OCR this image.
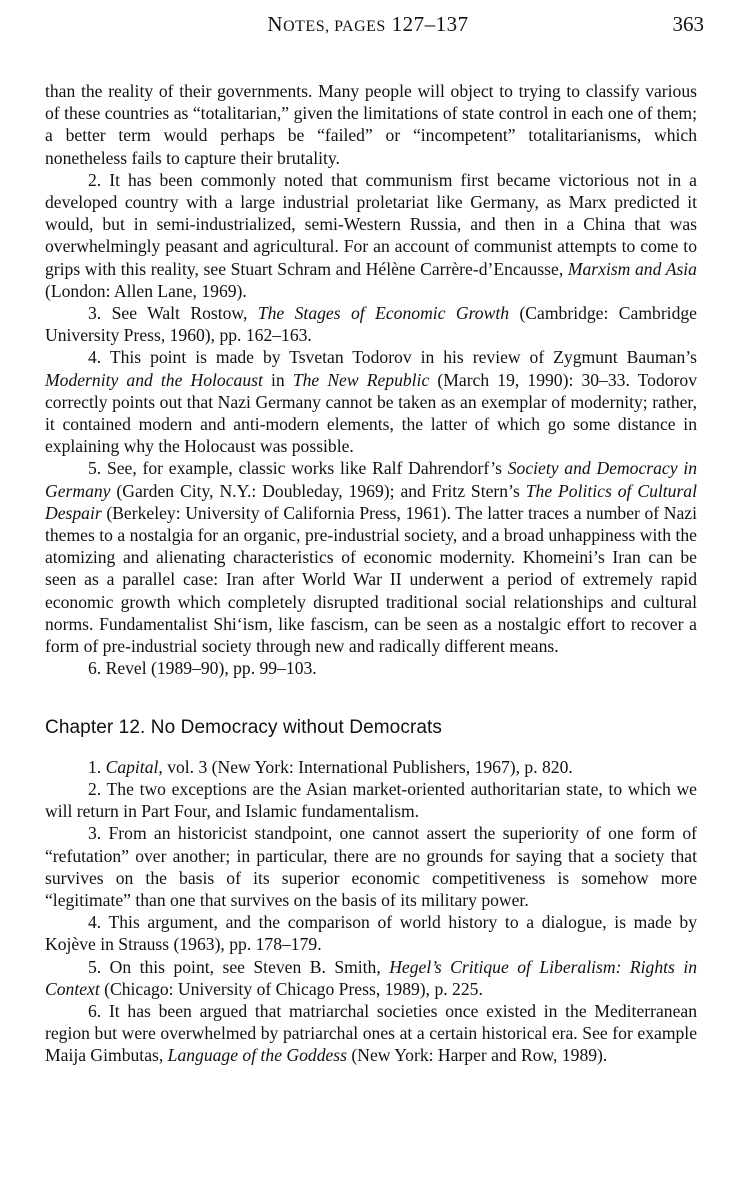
NOTES, PAGES 127–137	363

than the reality of their governments. Many people will object to trying to classify various of these countries as “totalitarian,” given the limitations of state control in each one of them; a better term would perhaps be “failed” or “incompetent” totalitarianisms, which nonetheless fails to capture their brutality.

2. It has been commonly noted that communism first became victorious not in a developed country with a large industrial proletariat like Germany, as Marx predicted it would, but in semi-industrialized, semi-Western Russia, and then in a China that was overwhelmingly peasant and agricultural. For an account of communist attempts to come to grips with this reality, see Stuart Schram and Hélène Carrère-d’Encausse, Marxism and Asia (London: Allen Lane, 1969).

3. See Walt Rostow, The Stages of Economic Growth (Cambridge: Cambridge University Press, 1960), pp. 162–163.

4. This point is made by Tsvetan Todorov in his review of Zygmunt Bauman’s Modernity and the Holocaust in The New Republic (March 19, 1990): 30–33. Todorov correctly points out that Nazi Germany cannot be taken as an exemplar of modernity; rather, it contained modern and anti-modern elements, the latter of which go some distance in explaining why the Holocaust was possible.

5. See, for example, classic works like Ralf Dahrendorf’s Society and Democracy in Germany (Garden City, N.Y.: Doubleday, 1969); and Fritz Stern’s The Politics of Cultural Despair (Berkeley: University of California Press, 1961). The latter traces a number of Nazi themes to a nostalgia for an organic, pre-industrial society, and a broad unhappiness with the atomizing and alienating characteristics of economic modernity. Khomeini’s Iran can be seen as a parallel case: Iran after World War II underwent a period of extremely rapid economic growth which completely disrupted traditional social relationships and cultural norms. Fundamentalist Shi‘ism, like fascism, can be seen as a nostalgic effort to recover a form of pre-industrial society through new and radically different means.

6. Revel (1989–90), pp. 99–103.

Chapter 12. No Democracy without Democrats

1. Capital, vol. 3 (New York: International Publishers, 1967), p. 820.

2. The two exceptions are the Asian market-oriented authoritarian state, to which we will return in Part Four, and Islamic fundamentalism.

3. From an historicist standpoint, one cannot assert the superiority of one form of “refutation” over another; in particular, there are no grounds for saying that a society that survives on the basis of its superior economic competitiveness is somehow more “legitimate” than one that survives on the basis of its military power.

4. This argument, and the comparison of world history to a dialogue, is made by Kojève in Strauss (1963), pp. 178–179.

5. On this point, see Steven B. Smith, Hegel’s Critique of Liberalism: Rights in Context (Chicago: University of Chicago Press, 1989), p. 225.

6. It has been argued that matriarchal societies once existed in the Mediterranean region but were overwhelmed by patriarchal ones at a certain historical era. See for example Maija Gimbutas, Language of the Goddess (New York: Harper and Row, 1989).
